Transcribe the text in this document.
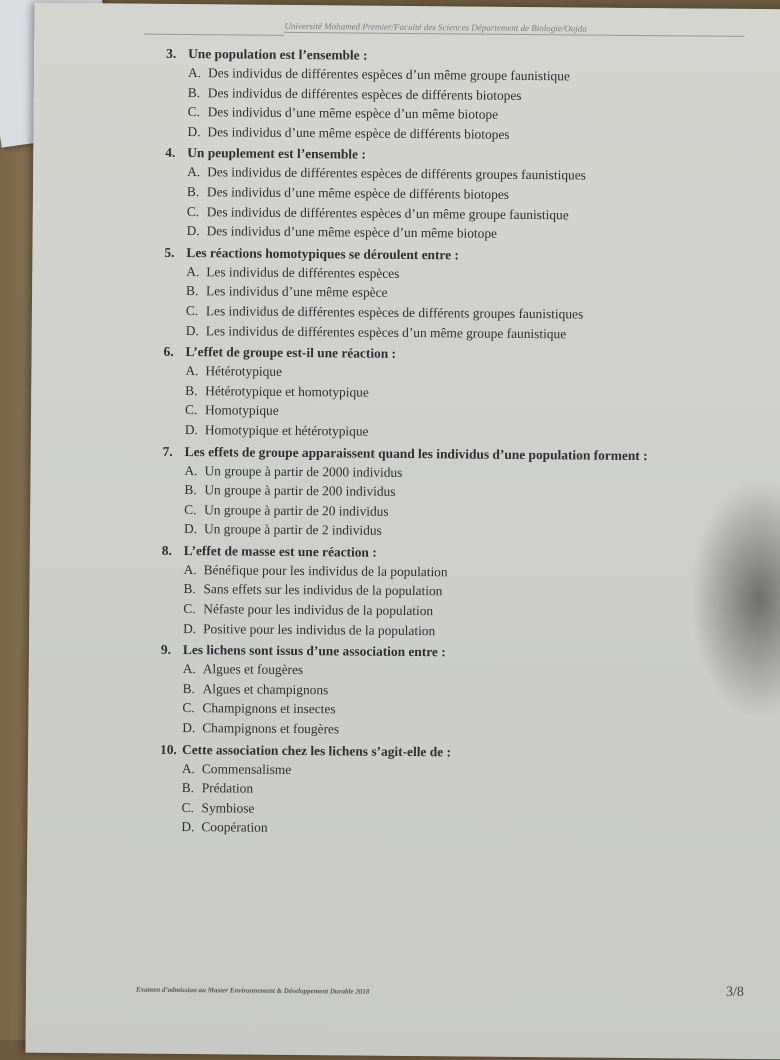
Université Mohamed Premier/Faculté des Sciences Département de Biologie/Oujda
3. Une population est l’ensemble :
A. Des individus de différentes espèces d’un même groupe faunistique
B. Des individus de différentes espèces de différents biotopes
C. Des individus d’une même espèce d’un même biotope
D. Des individus d’une même espèce de différents biotopes
4. Un peuplement est l’ensemble :
A. Des individus de différentes espèces de différents groupes faunistiques
B. Des individus d’une même espèce de différents biotopes
C. Des individus de différentes espèces d’un même groupe faunistique
D. Des individus d’une même espèce d’un même biotope
5. Les réactions homotypiques se déroulent entre :
A. Les individus de différentes espèces
B. Les individus d’une même espèce
C. Les individus de différentes espèces de différents groupes faunistiques
D. Les individus de différentes espèces d’un même groupe faunistique
6. L’effet de groupe est-il une réaction :
A. Hétérotypique
B. Hétérotypique et homotypique
C. Homotypique
D. Homotypique et hétérotypique
7. Les effets de groupe apparaissent quand les individus d’une population forment :
A. Un groupe à partir de 2000 individus
B. Un groupe à partir de 200 individus
C. Un groupe à partir de 20 individus
D. Un groupe à partir de 2 individus
8. L’effet de masse est une réaction :
A. Bénéfique pour les individus de la population
B. Sans effets sur les individus de la population
C. Néfaste pour les individus de la population
D. Positive pour les individus de la population
9. Les lichens sont issus d’une association entre :
A. Algues et fougères
B. Algues et champignons
C. Champignons et insectes
D. Champignons et fougères
10. Cette association chez les lichens s’agit-elle de :
A. Commensalisme
B. Prédation
C. Symbiose
D. Coopération
Examen d’admission au Master Environnement & Développement Durable 2018	3/8
